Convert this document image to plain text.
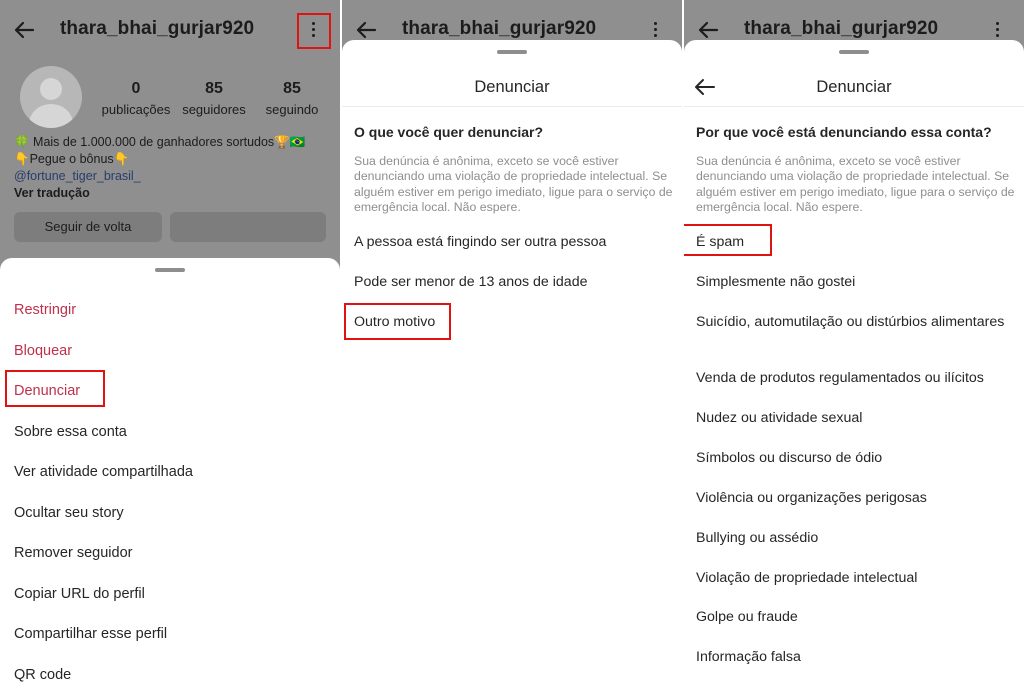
thara_bhai_gurjar920
0
publicações
85
seguidores
85
seguindo
🍀 Mais de 1.000.000 de ganhadores sortudos🏆🇧🇷
👇Pegue o bônus👇
@fortune_tiger_brasil_
Ver tradução
Seguir de volta
Restringir
Bloquear
Denunciar
Sobre essa conta
Ver atividade compartilhada
Ocultar seu story
Remover seguidor
Copiar URL do perfil
Compartilhar esse perfil
QR code
thara_bhai_gurjar920
Denunciar
O que você quer denunciar?
Sua denúncia é anônima, exceto se você estiver denunciando uma violação de propriedade intelectual. Se alguém estiver em perigo imediato, ligue para o serviço de emergência local. Não espere.
A pessoa está fingindo ser outra pessoa
Pode ser menor de 13 anos de idade
Outro motivo
thara_bhai_gurjar920
Denunciar
Por que você está denunciando essa conta?
Sua denúncia é anônima, exceto se você estiver denunciando uma violação de propriedade intelectual. Se alguém estiver em perigo imediato, ligue para o serviço de emergência local. Não espere.
É spam
Simplesmente não gostei
Suicídio, automutilação ou distúrbios alimentares
Venda de produtos regulamentados ou ilícitos
Nudez ou atividade sexual
Símbolos ou discurso de ódio
Violência ou organizações perigosas
Bullying ou assédio
Violação de propriedade intelectual
Golpe ou fraude
Informação falsa
